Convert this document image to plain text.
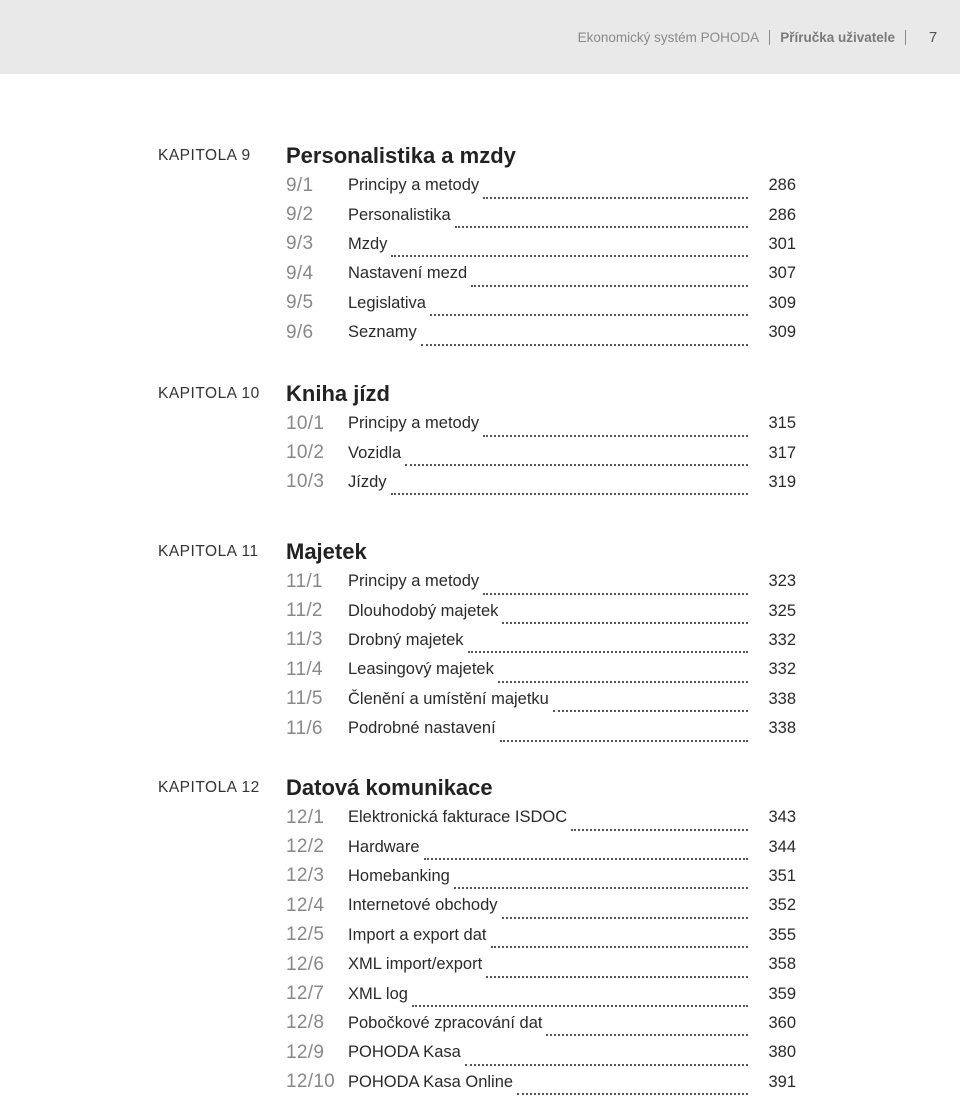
Ekonomický systém POHODA Příručka uživatele	7
KAPITOLA 9 Personalistika a mzdy
9/1	Principy a metody	286
9/2	Personalistika	286
9/3	Mzdy	301
9/4	Nastavení mezd	307
9/5	Legislativa	309
9/6	Seznamy	309
KAPITOLA 10 Kniha jízd
10/1	Principy a metody	315
10/2	Vozidla	317
10/3	Jízdy	319
KAPITOLA 11 Majetek
11/1	Principy a metody	323
11/2	Dlouhodobý majetek	325
11/3	Drobný majetek	332
11/4	Leasingový majetek	332
11/5	Členění a umístění majetku	338
11/6	Podrobné nastavení	338
KAPITOLA 12 Datová komunikace
12/1	Elektronická fakturace ISDOC	343
12/2	Hardware	344
12/3	Homebanking	351
12/4	Internetové obchody	352
12/5	Import a export dat	355
12/6	XML import/export	358
12/7	XML log	359
12/8	Pobočkové zpracování dat	360
12/9	POHODA Kasa	380
12/10 POHODA Kasa Online	391
